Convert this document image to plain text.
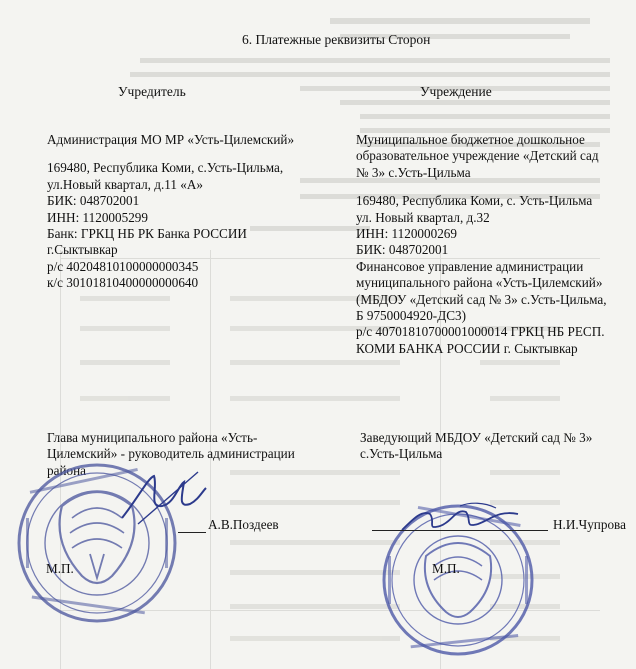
6. Платежные реквизиты Сторон
Учредитель	Учреждение
Администрация МО МР «Усть-Цилемский»
169480, Республика Коми, с.Усть-Цильма,
ул.Новый квартал, д.11 «А»
БИК: 048702001
ИНН: 1120005299
Банк: ГРКЦ НБ РК Банка РОССИИ
г.Сыктывкар
р/с 40204810100000000345
к/с 30101810400000000640
Муниципальное бюджетное дошкольное
образовательное учреждение «Детский сад
№ 3» с.Усть-Цильма
169480, Республика Коми, с. Усть-Цильма
ул. Новый квартал, д.32
ИНН: 1120000269
БИК: 048702001
Финансовое управление администрации
муниципального района «Усть-Цилемский»
(МБДОУ «Детский сад № 3» с.Усть-Цильма,
Б 9750004920-ДС3)
р/с 40701810700001000014 ГРКЦ НБ РЕСП.
КОМИ БАНКА РОССИИ г. Сыктывкар
Глава муниципального района «Усть-
Цилемский» - руководитель администрации
района
Заведующий МБДОУ «Детский сад № 3»
с.Усть-Цильма
А.В.Поздеев
М.П.
Н.И.Чупрова
М.П.
